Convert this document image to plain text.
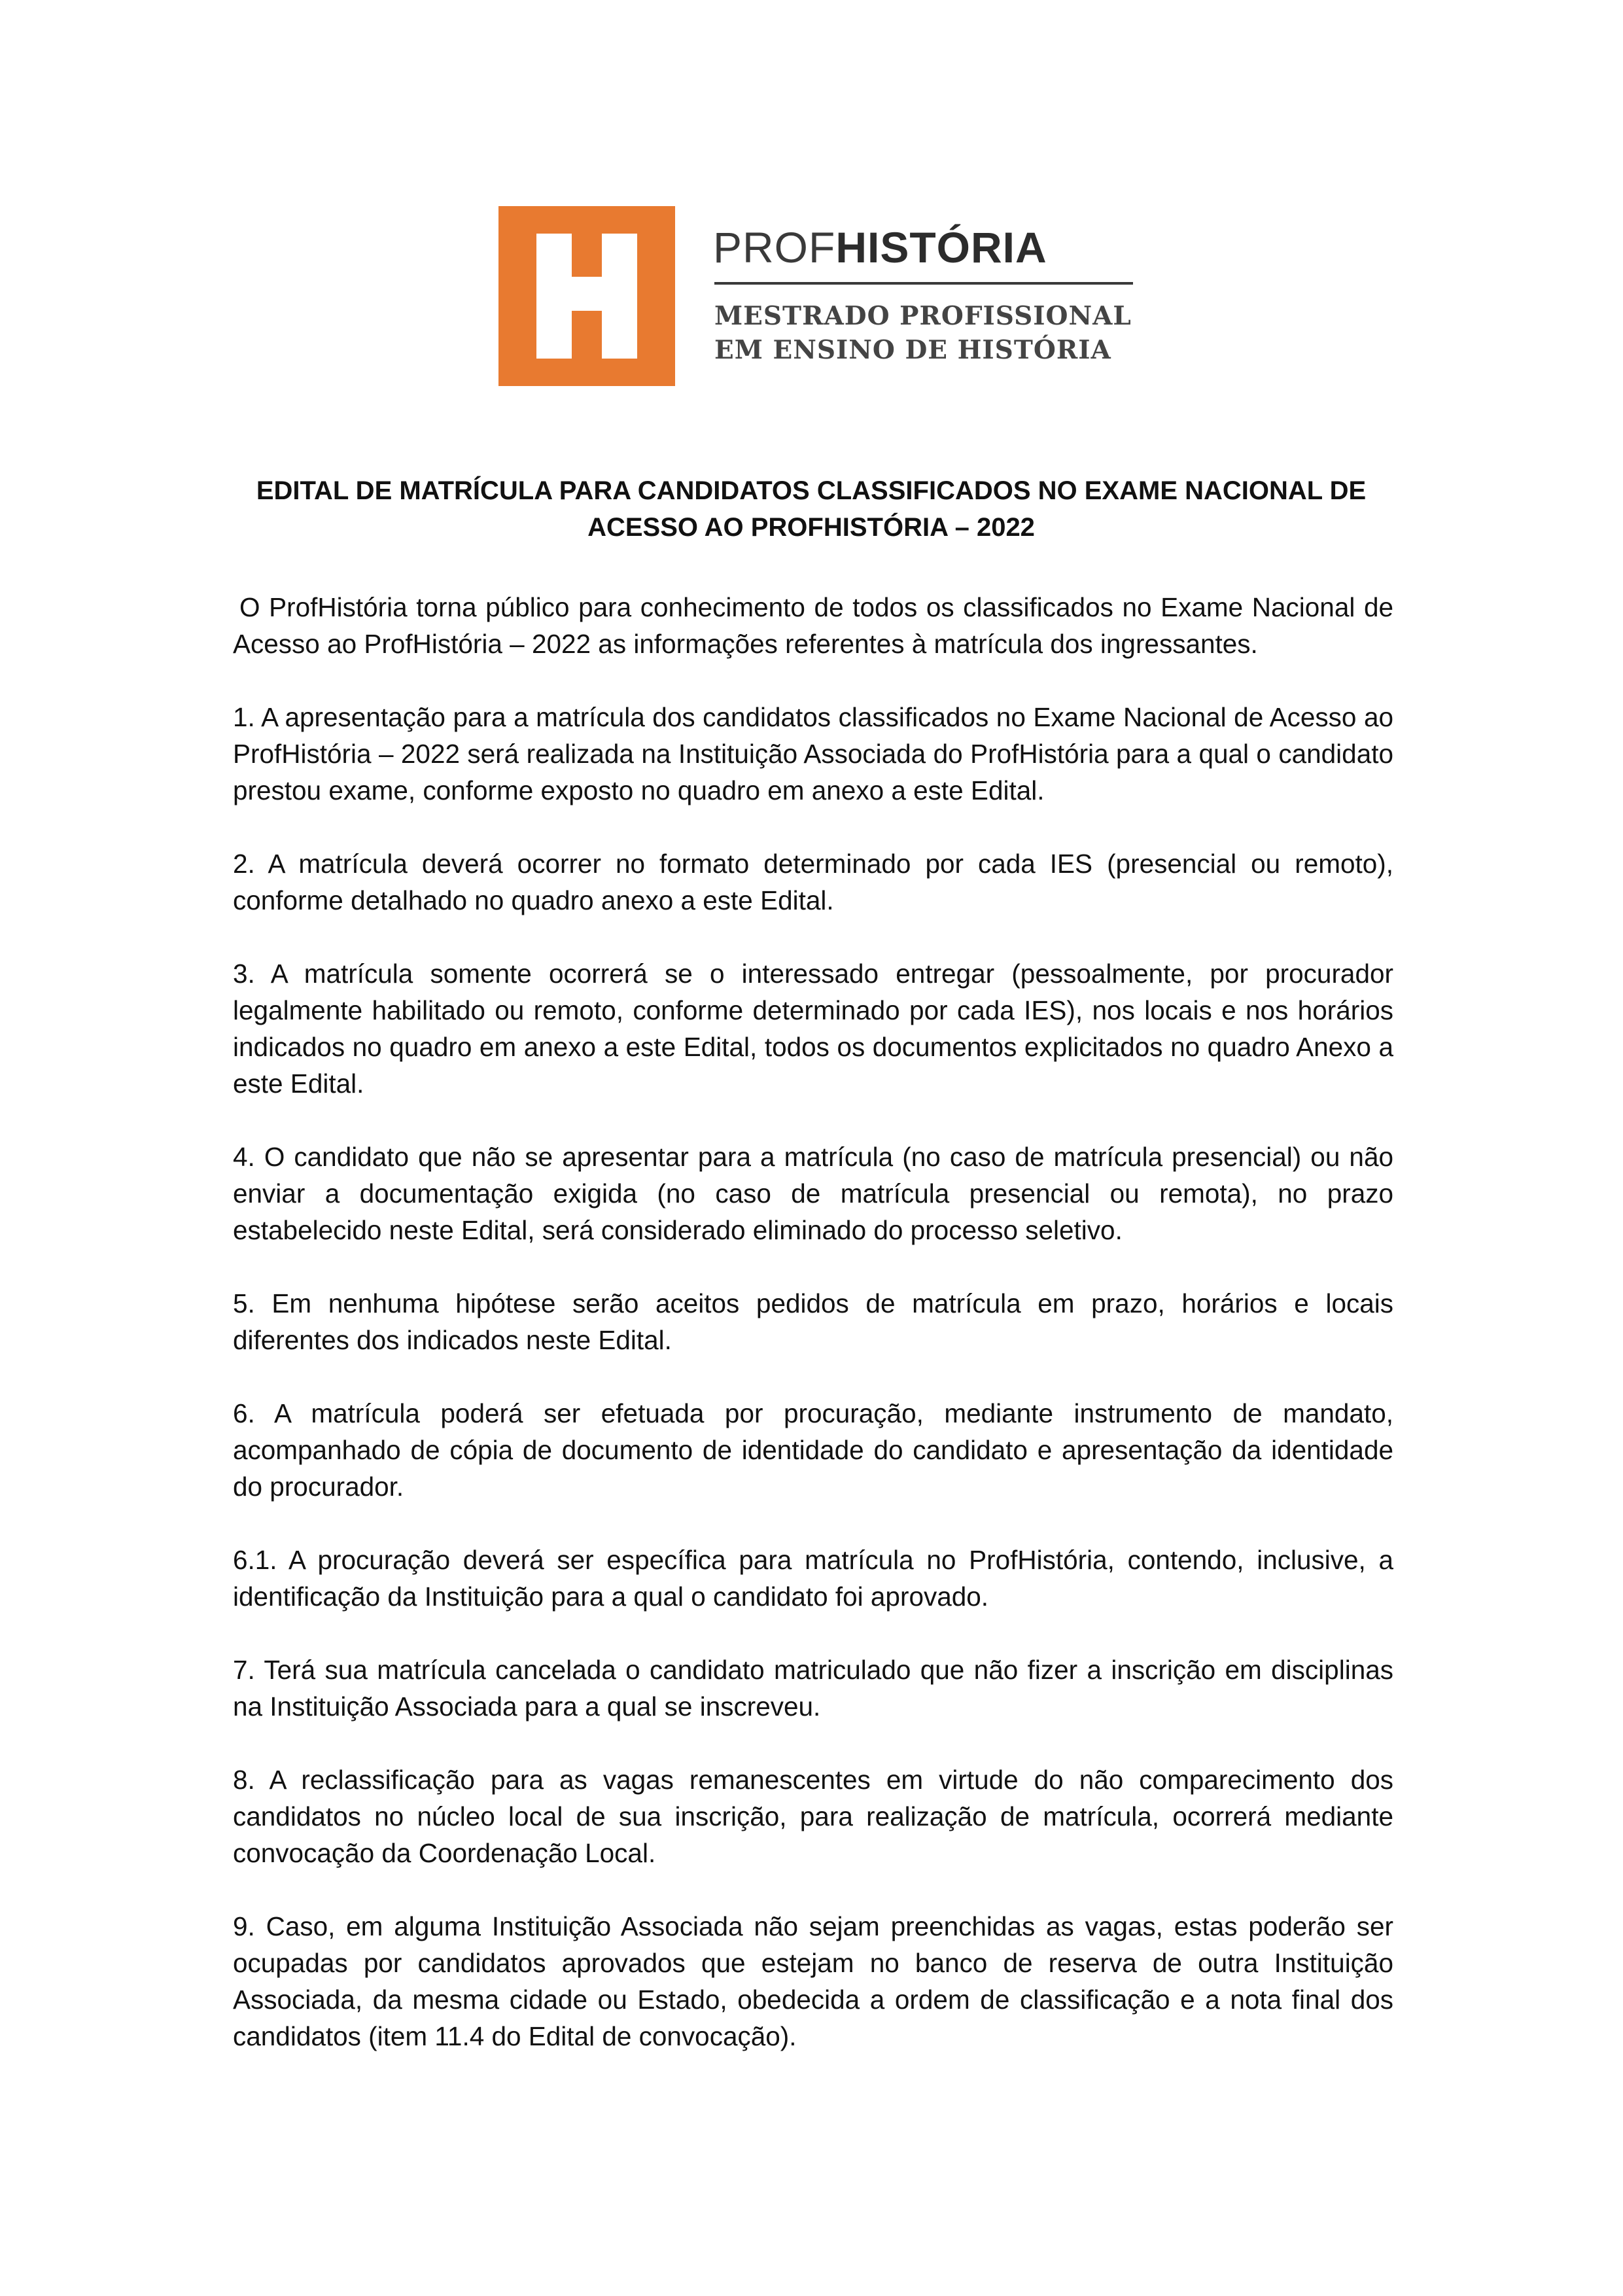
PROFHISTÓRIA
MESTRADO PROFISSIONAL
EM ENSINO DE HISTÓRIA
EDITAL DE MATRÍCULA PARA CANDIDATOS CLASSIFICADOS NO EXAME NACIONAL DE
ACESSO AO PROFHISTÓRIA – 2022

O ProfHistória torna público para conhecimento de todos os classificados no Exame Nacional de Acesso ao ProfHistória – 2022 as informações referentes à matrícula dos ingressantes.

1. A apresentação para a matrícula dos candidatos classificados no Exame Nacional de Acesso ao ProfHistória – 2022 será realizada na Instituição Associada do ProfHistória para a qual o candidato prestou exame, conforme exposto no quadro em anexo a este Edital.

2. A matrícula deverá ocorrer no formato determinado por cada IES (presencial ou remoto), conforme detalhado no quadro anexo a este Edital.

3. A matrícula somente ocorrerá se o interessado entregar (pessoalmente, por procurador legalmente habilitado ou remoto, conforme determinado por cada IES), nos locais e nos horários indicados no quadro em anexo a este Edital, todos os documentos explicitados no quadro Anexo a este Edital.

4. O candidato que não se apresentar para a matrícula (no caso de matrícula presencial) ou não enviar a documentação exigida (no caso de matrícula presencial ou remota), no prazo estabelecido neste Edital, será considerado eliminado do processo seletivo.

5. Em nenhuma hipótese serão aceitos pedidos de matrícula em prazo, horários e locais diferentes dos indicados neste Edital.

6. A matrícula poderá ser efetuada por procuração, mediante instrumento de mandato, acompanhado de cópia de documento de identidade do candidato e apresentação da identidade do procurador.

6.1. A procuração deverá ser específica para matrícula no ProfHistória, contendo, inclusive, a identificação da Instituição para a qual o candidato foi aprovado.

7. Terá sua matrícula cancelada o candidato matriculado que não fizer a inscrição em disciplinas na Instituição Associada para a qual se inscreveu.

8. A reclassificação para as vagas remanescentes em virtude do não comparecimento dos candidatos no núcleo local de sua inscrição, para realização de matrícula, ocorrerá mediante convocação da Coordenação Local.

9. Caso, em alguma Instituição Associada não sejam preenchidas as vagas, estas poderão ser ocupadas por candidatos aprovados que estejam no banco de reserva de outra Instituição Associada, da mesma cidade ou Estado, obedecida a ordem de classificação e a nota final dos candidatos (item 11.4 do Edital de convocação).
